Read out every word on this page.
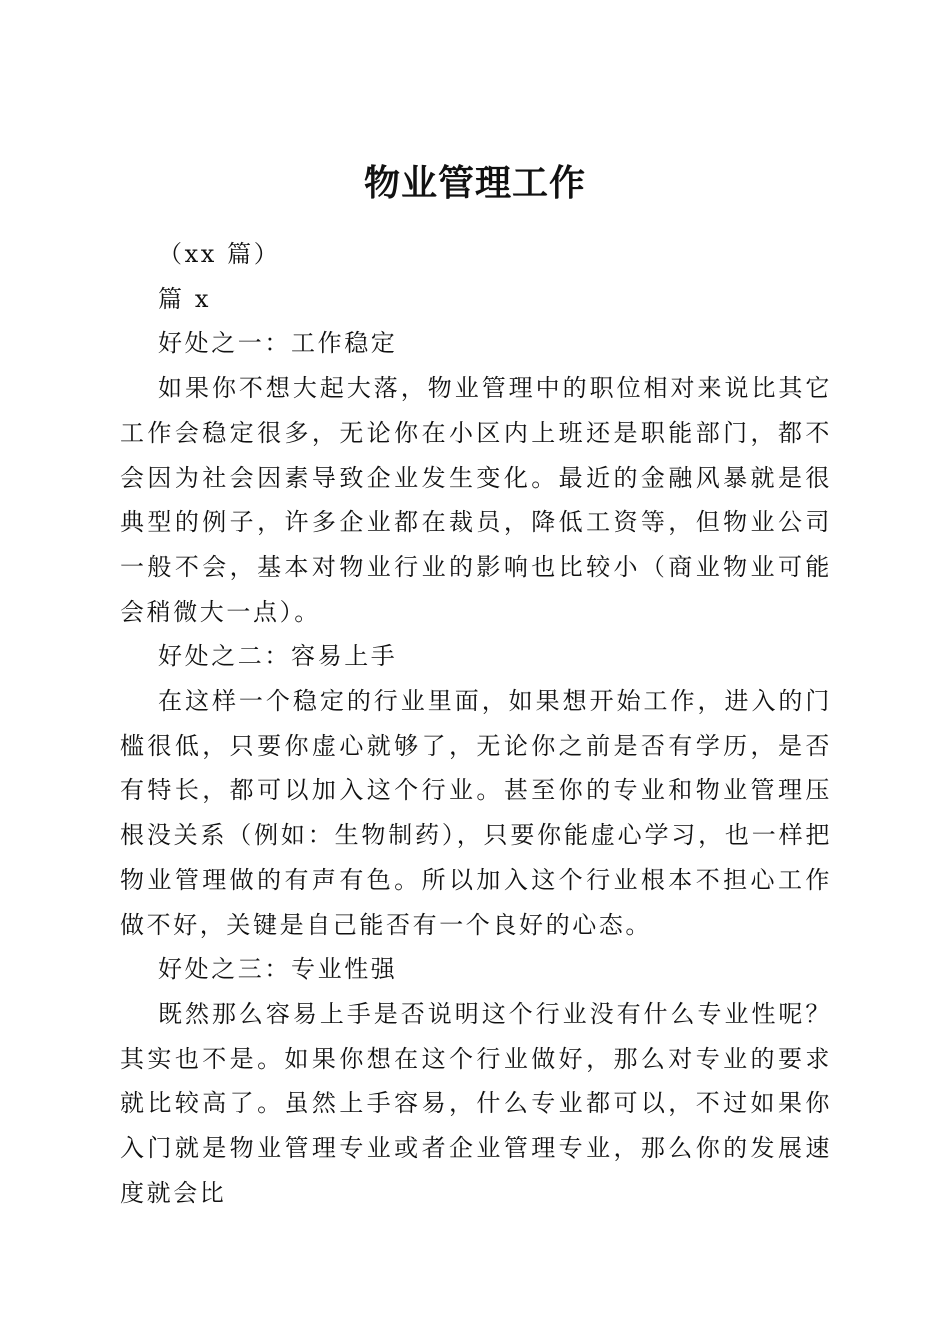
物业管理工作

（xx 篇）

篇 x

好处之一：工作稳定

如果你不想大起大落，物业管理中的职位相对来说比其它工作会稳定很多，无论你在小区内上班还是职能部门，都不会因为社会因素导致企业发生变化。最近的金融风暴就是很典型的例子，许多企业都在裁员，降低工资等，但物业公司一般不会，基本对物业行业的影响也比较小（商业物业可能会稍微大一点）。

好处之二：容易上手

在这样一个稳定的行业里面，如果想开始工作，进入的门槛很低，只要你虚心就够了，无论你之前是否有学历，是否有特长，都可以加入这个行业。甚至你的专业和物业管理压根没关系（例如：生物制药），只要你能虚心学习，也一样把物业管理做的有声有色。所以加入这个行业根本不担心工作做不好，关键是自己能否有一个良好的心态。

好处之三：专业性强

既然那么容易上手是否说明这个行业没有什么专业性呢？其实也不是。如果你想在这个行业做好，那么对专业的要求就比较高了。虽然上手容易，什么专业都可以，不过如果你入门就是物业管理专业或者企业管理专业，那么你的发展速度就会比
